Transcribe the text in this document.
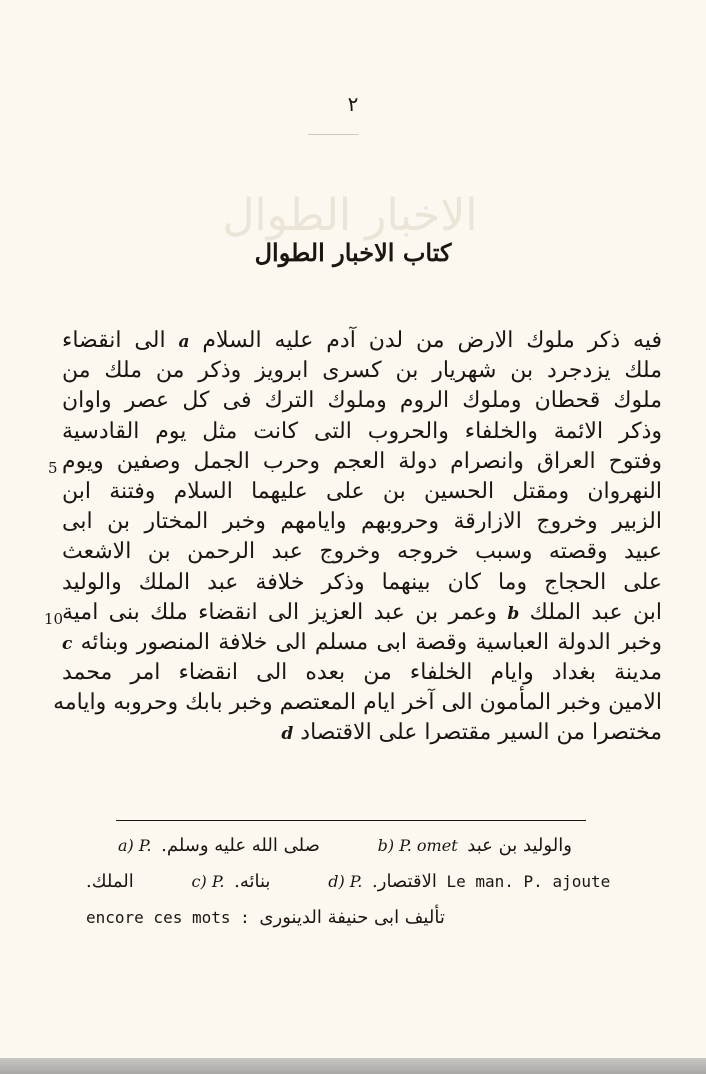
٢
الاخبار الطوال
كتاب الاخبار الطوال
فيه ذكر ملوك الارض من لدن آدم عليه السلام a الى انقضاء
ملك يزدجرد بن شهريار بن كسرى ابرويز وذكر من ملك من
ملوك قحطان وملوك الروم وملوك الترك فى كل عصر واوان
وذكر الائمة والخلفاء والحروب التى كانت مثل يوم القادسية
وفتوح العراق وانصرام دولة العجم وحرب الجمل وصفين ويوم
5
النهروان ومقتل الحسين بن على عليهما السلام وفتنة ابن
الزبير وخروج الازارقة وحروبهم وايامهم وخبر المختار بن ابى
عبيد وقصته وسبب خروجه وخروج عبد الرحمن بن الاشعث
على الحجاج وما كان بينهما وذكر خلافة عبد الملك والوليد
ابن عبد الملك b وعمر بن عبد العزيز الى انقضاء ملك بنى امية
10
وخبر الدولة العباسية وقصة ابى مسلم الى خلافة المنصور وبنائه c
مدينة بغداد وايام الخلفاء من بعده الى انقضاء امر محمد
الامين وخبر المأمون الى آخر ايام المعتصم وخبر بابك وحروبه وايامه
مختصرا من السير مقتصرا على الاقتصاد d
a) P. صلى الله عليه وسلم.	b) P. omet والوليد بن عبد
الملك.	c) P. بنائه.	d) P. الاقتصار. Le man. P. ajoute
encore ces mots : تأليف ابى حنيفة الدينورى
